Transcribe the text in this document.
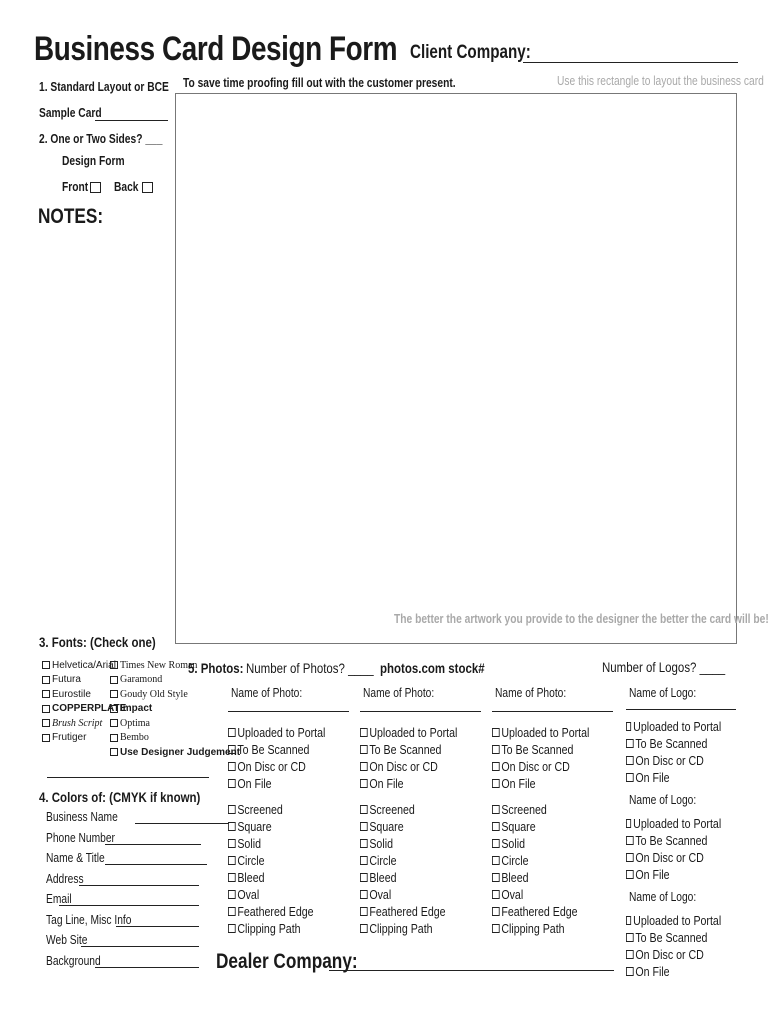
Business Card Design Form Client Company:
1. Standard Layout or BCE
Sample Card
2. One or Two Sides? ___
Design Form
Front Back
NOTES:
To save time proofing fill out with the customer present.	Use this rectangle to layout the business card
The better the artwork you provide to the designer the better the card will be!
3. Fonts: (Check one)
Helvetica/Arial
Futura
Eurostile
COPPERPLATE
Brush Script
Frutiger
Times New Roman
Garamond
Goudy Old Style
Impact
Optima
Bembo
Use Designer Judgement
4. Colors of: (CMYK if known)
Business Name
Phone Number
Name & Title
Address
Email
Tag Line, Misc Info
Web Site
Background
5. Photos: Number of Photos? ____ photos.com stock#	Number of Logos? ____
Name of Photo:
Uploaded to Portal
To Be Scanned
On Disc or CD
On File
Screened
Square
Solid
Circle
Bleed
Oval
Feathered Edge
Clipping Path
Name of Photo:
Uploaded to Portal
To Be Scanned
On Disc or CD
On File
Screened
Square
Solid
Circle
Bleed
Oval
Feathered Edge
Clipping Path
Name of Photo:
Uploaded to Portal
To Be Scanned
On Disc or CD
On File
Screened
Square
Solid
Circle
Bleed
Oval
Feathered Edge
Clipping Path
Name of Logo:
Uploaded to Portal
To Be Scanned
On Disc or CD
On File
Name of Logo:
Uploaded to Portal
To Be Scanned
On Disc or CD
On File
Name of Logo:
Uploaded to Portal
To Be Scanned
On Disc or CD
On File
Dealer Company:
